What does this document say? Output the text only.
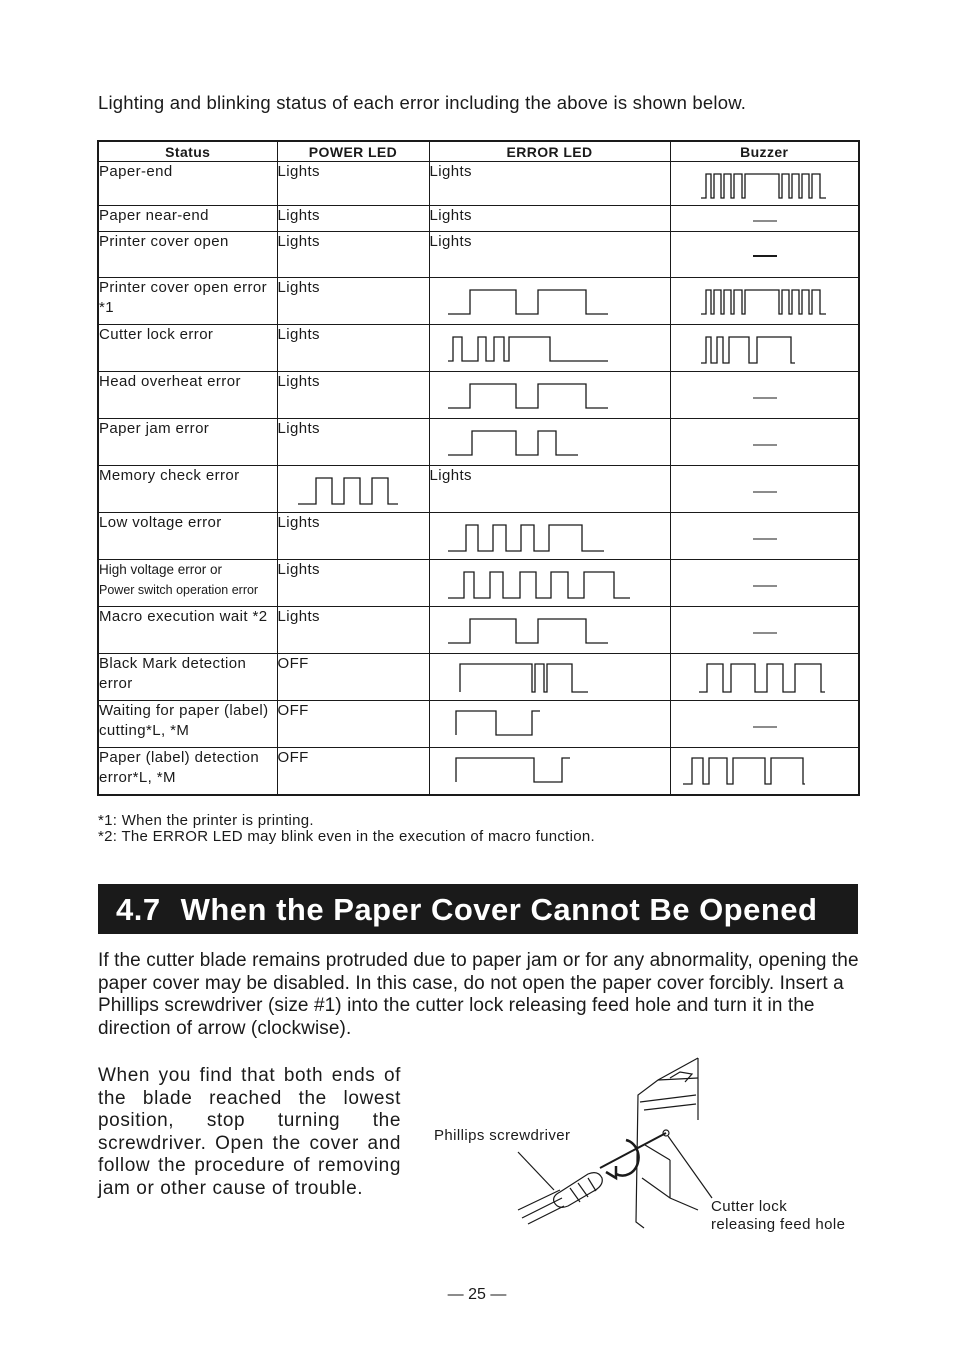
Lighting and blinking status of each error including the above is shown below.
Status	POWER LED	ERROR LED	Buzzer
Paper-end	Lights	Lights	

Paper near-end	Lights	Lights	

Printer cover open	Lights	Lights	

Printer cover open error *1	Lights	

Cutter lock error	Lights	

Head overheat error	Lights	

Paper jam error	Lights	

Memory check error		Lights	

Low voltage error	Lights	

High voltage error or
Power switch operation error	Lights	

Macro execution wait *2	Lights	

Black Mark detection error	OFF	

Waiting for paper (label) cutting*L, *M	OFF	

Paper (label) detection error*L, *M	OFF	

*1: When the printer is printing.
*2: The ERROR LED may blink even in the execution of macro function.
4.7 When the Paper Cover Cannot Be Opened
If the cutter blade remains protruded due to paper jam or for any abnormality, opening the paper cover may be disabled. In this case, do not open the paper cover forcibly. Insert a Phillips screwdriver (size #1) into the cutter lock releasing feed hole and turn it in the direction of arrow (clockwise).
When you find that both ends of the blade reached the lowest position, stop turning the screwdriver. Open the cover and follow the procedure of removing jam or other cause of trouble.
Phillips screwdriver
Cutter lock
releasing feed hole
— 25 —
